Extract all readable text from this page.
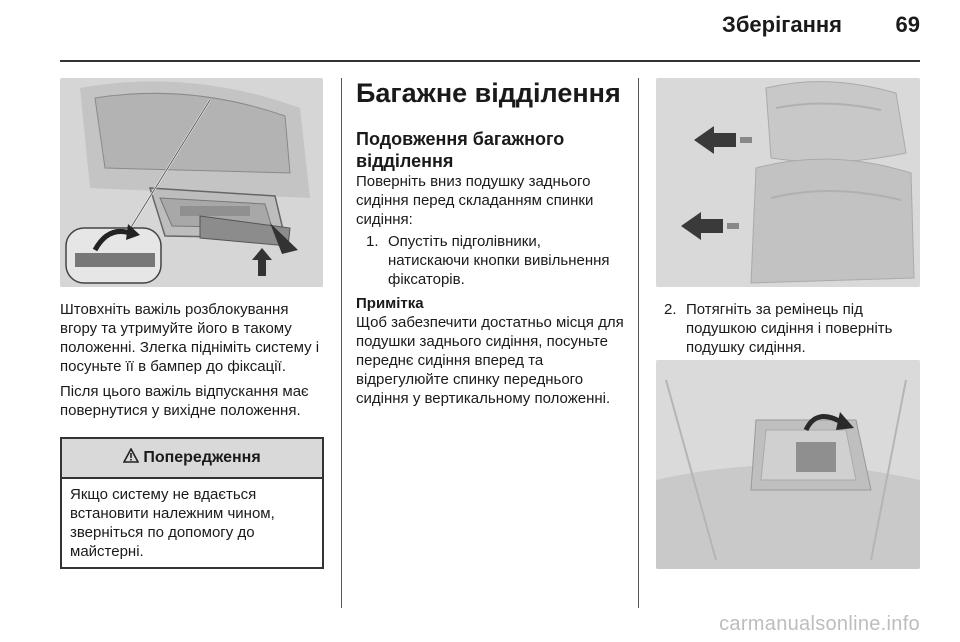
Зберігання 69

Штовхніть важіль розблокування вгору та утримуйте його в такому положенні. Злегка підніміть систему і посуньте її в бампер до фіксації.

Після цього важіль відпускання має повернутися у вихідне положення.

Попередження
Якщо систему не вдається встановити належним чином, зверніться по допомогу до майстерні.
Багажне відділення
Подовження багажного відділення
Поверніть вниз подушку заднього сидіння перед складанням спинки сидіння:
1. Опустіть підголівники, натискаючи кнопки вивільнення фіксаторів.
Примітка
Щоб забезпечити достатньо місця для подушки заднього сидіння, посуньте переднє сидіння вперед та відрегулюйте спинку переднього сидіння у вертикальному положенні.
2. Потягніть за ремінець під подушкою сидіння і поверніть подушку сидіння.
carmanualsonline.info
